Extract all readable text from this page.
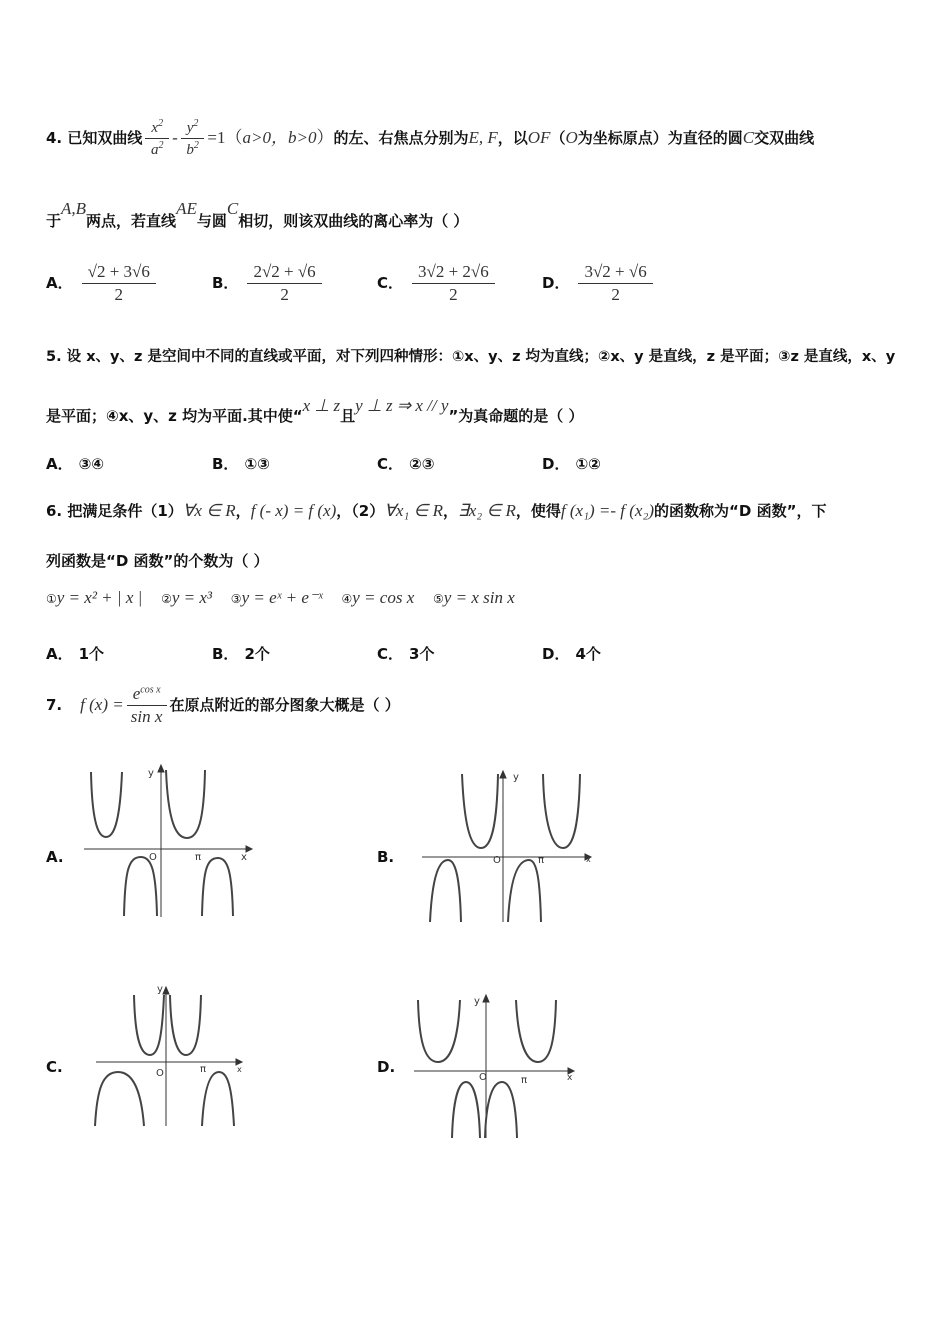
4. 已知双曲线 $\frac{x^2}{a^2} - \frac{y^2}{b^2} =1(a>0$，b>0）的左、右焦点分别为E, F，以OF（O为坐标原点）为直径的圆C交双曲线
于A,B两点，若直线AE与圆C相切，则该双曲线的离心率为（ ）
A． $\frac{√2 + 3√6}{2}$	B． $\frac{2√2 + √6}{2}$	C． $\frac{3√2 + 2√6}{2}$	D． $\frac{3√2 + √6}{2}$
5. 设 x、y、z 是空间中不同的直线或平面，对下列四种情形：①x、y、z 均为直线；②x、y 是直线，z 是平面；③z 是直线，x、y
是平面；④x、y、z 均为平面.其中使“x ⊥ z且y ⊥ z ⇒ x // y”为真命题的是（ ）
A． ③④	B． ①③	C． ②③	D． ①②
6. 把满足条件（1）∀x ∈ R，f (- x) = f (x)，（2）∀x₁ ∈ R，∃x₂ ∈ R，使得f (x₁) =- f (x₂)的函数称为“D 函数”，下
列函数是“D 函数”的个数为（ ）
①y = x² + | x | ②y = x³ ③y = eˣ + e⁻ˣ ④y = cos x ⑤y = x sin x
A． 1个	B． 2个	C． 3个	D． 4个
7. f $(x) = \frac{e^{cos x}}{\text{sin x}}$ 在原点附近的部分图象大概是（ ）
A.	B.
C.	D.
y
x
O	π
y
x
O	π
y
x
O	π
y
x
O	π
